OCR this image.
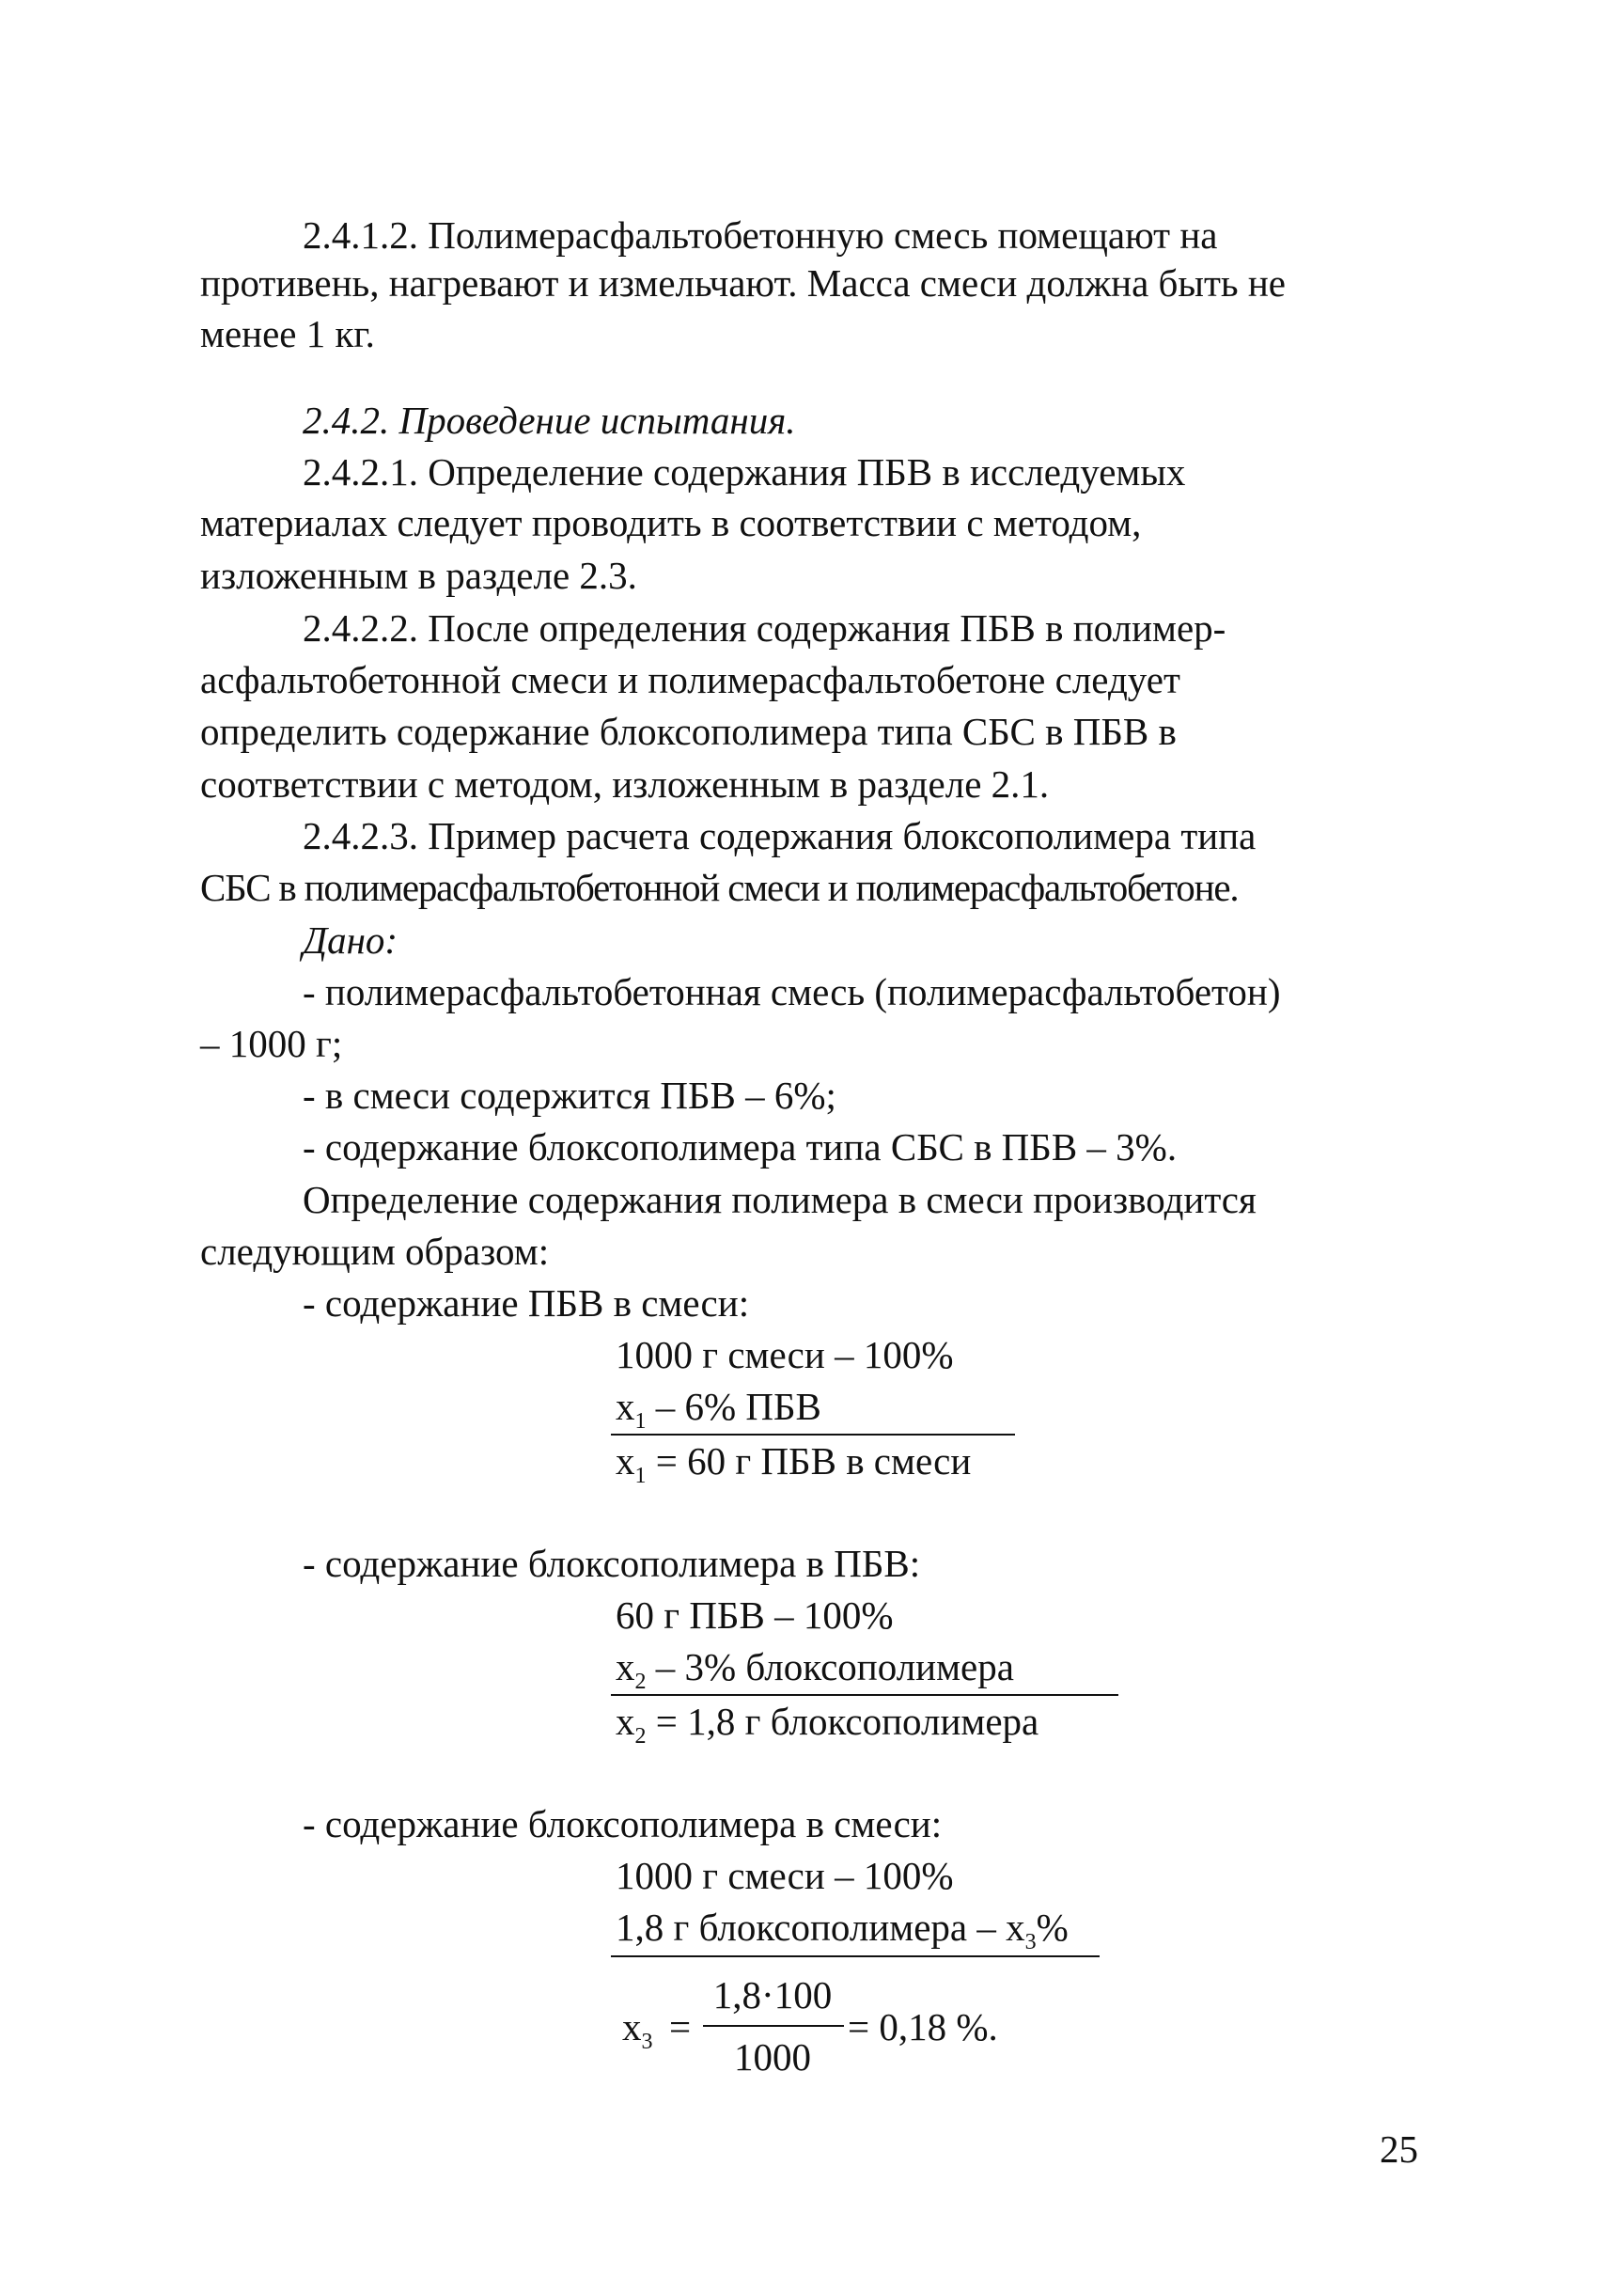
2.4.1.2. Полимерасфальтобетонную смесь помещают на
противень, нагревают и измельчают. Масса смеси должна быть не
менее 1 кг.
2.4.2. Проведение испытания.
2.4.2.1. Определение содержания ПБВ в исследуемых
материалах следует проводить в соответствии с методом,
изложенным в разделе 2.3.
2.4.2.2. После определения содержания ПБВ в полимер-
асфальтобетонной смеси и полимерасфальтобетоне следует
определить содержание блоксополимера типа СБС в ПБВ в
соответствии с методом, изложенным в разделе 2.1.
2.4.2.3. Пример расчета содержания блоксополимера типа
СБС в полимерасфальтобетонной смеси и полимерасфальтобетоне.
Дано:
- полимерасфальтобетонная смесь (полимерасфальтобетон)
– 1000 г;
- в смеси содержится ПБВ – 6%;
- содержание блоксополимера типа СБС в ПБВ – 3%.
Определение содержания полимера в смеси производится
следующим образом:
- содержание ПБВ в смеси:
1000 г смеси – 100%
$x_1 - 6\%$ ПБВ
$x_1 = 60$ г ПБВ в смеси
- содержание блоксополимера в ПБВ:
60 г ПБВ – 100%
$x_2 - 3\%$ блоксополимера
$x_2 = 1,8$ г блоксополимера
- содержание блоксополимера в смеси:
1000 г смеси – 100%
1,8 г блоксополимера – $x_3\%$
$x_3$ =
1,8·100
1000
= 0,18 %.
25
